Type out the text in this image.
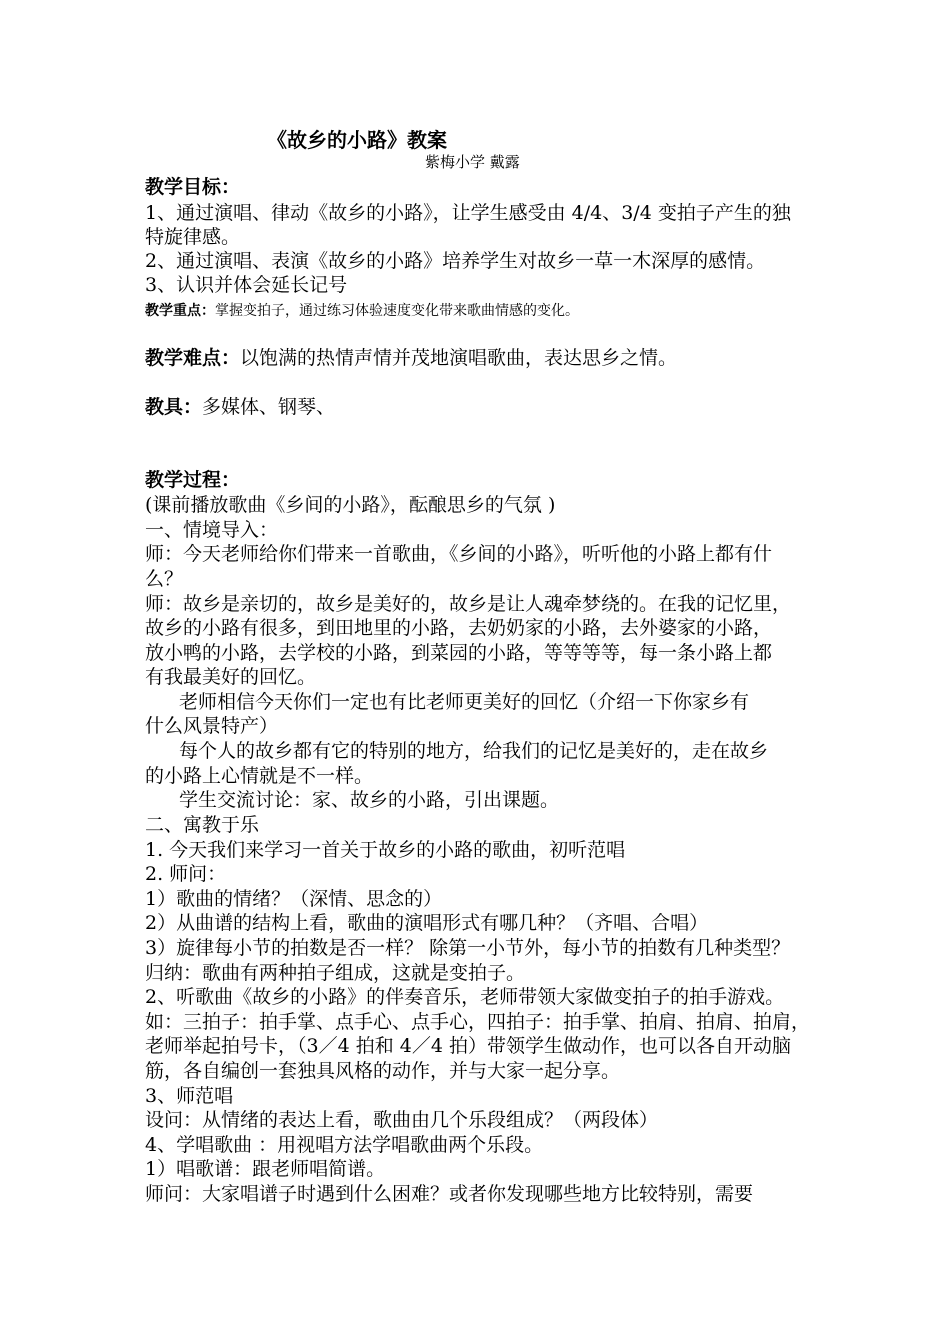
《故乡的小路》教案
紫梅小学 戴露
教学目标：
1、通过演唱、律动《故乡的小路》，让学生感受由 4/4、3/4 变拍子产生的独
特旋律感。
2、通过演唱、表演《故乡的小路》培养学生对故乡一草一木深厚的感情。
3、认识并体会延长记号
教学重点：掌握变拍子，通过练习体验速度变化带来歌曲情感的变化。
教学难点：以饱满的热情声情并茂地演唱歌曲，表达思乡之情。
教具：多媒体、钢琴、
教学过程：
(课前播放歌曲《乡间的小路》，酝酿思乡的气氛 )
一、情境导入：
师：今天老师给你们带来一首歌曲，《乡间的小路》，听听他的小路上都有什
么？
师：故乡是亲切的，故乡是美好的，故乡是让人魂牵梦绕的。在我的记忆里，
故乡的小路有很多，到田地里的小路，去奶奶家的小路，去外婆家的小路，
放小鸭的小路，去学校的小路，到菜园的小路，等等等等，每一条小路上都
有我最美好的回忆。
老师相信今天你们一定也有比老师更美好的回忆（介绍一下你家乡有
什么风景特产）
每个人的故乡都有它的特别的地方，给我们的记忆是美好的，走在故乡
的小路上心情就是不一样。
学生交流讨论：家、故乡的小路，引出课题。
二、寓教于乐
1. 今天我们来学习一首关于故乡的小路的歌曲，初听范唱
2. 师问：
1）歌曲的情绪？（深情、思念的）
2）从曲谱的结构上看，歌曲的演唱形式有哪几种？（齐唱、合唱）
3）旋律每小节的拍数是否一样？ 除第一小节外，每小节的拍数有几种类型？
归纳：歌曲有两种拍子组成，这就是变拍子。
2、听歌曲《故乡的小路》的伴奏音乐，老师带领大家做变拍子的拍手游戏。
如：三拍子：拍手掌、点手心、点手心，四拍子：拍手掌、拍肩、拍肩、拍肩，
老师举起拍号卡，（3／4 拍和 4／4 拍）带领学生做动作，也可以各自开动脑
筋，各自编创一套独具风格的动作，并与大家一起分享。
3、师范唱
设问：从情绪的表达上看，歌曲由几个乐段组成？（两段体）
4、学唱歌曲 ：用视唱方法学唱歌曲两个乐段。
1）唱歌谱：跟老师唱简谱。
师问：大家唱谱子时遇到什么困难？或者你发现哪些地方比较特别，需要
